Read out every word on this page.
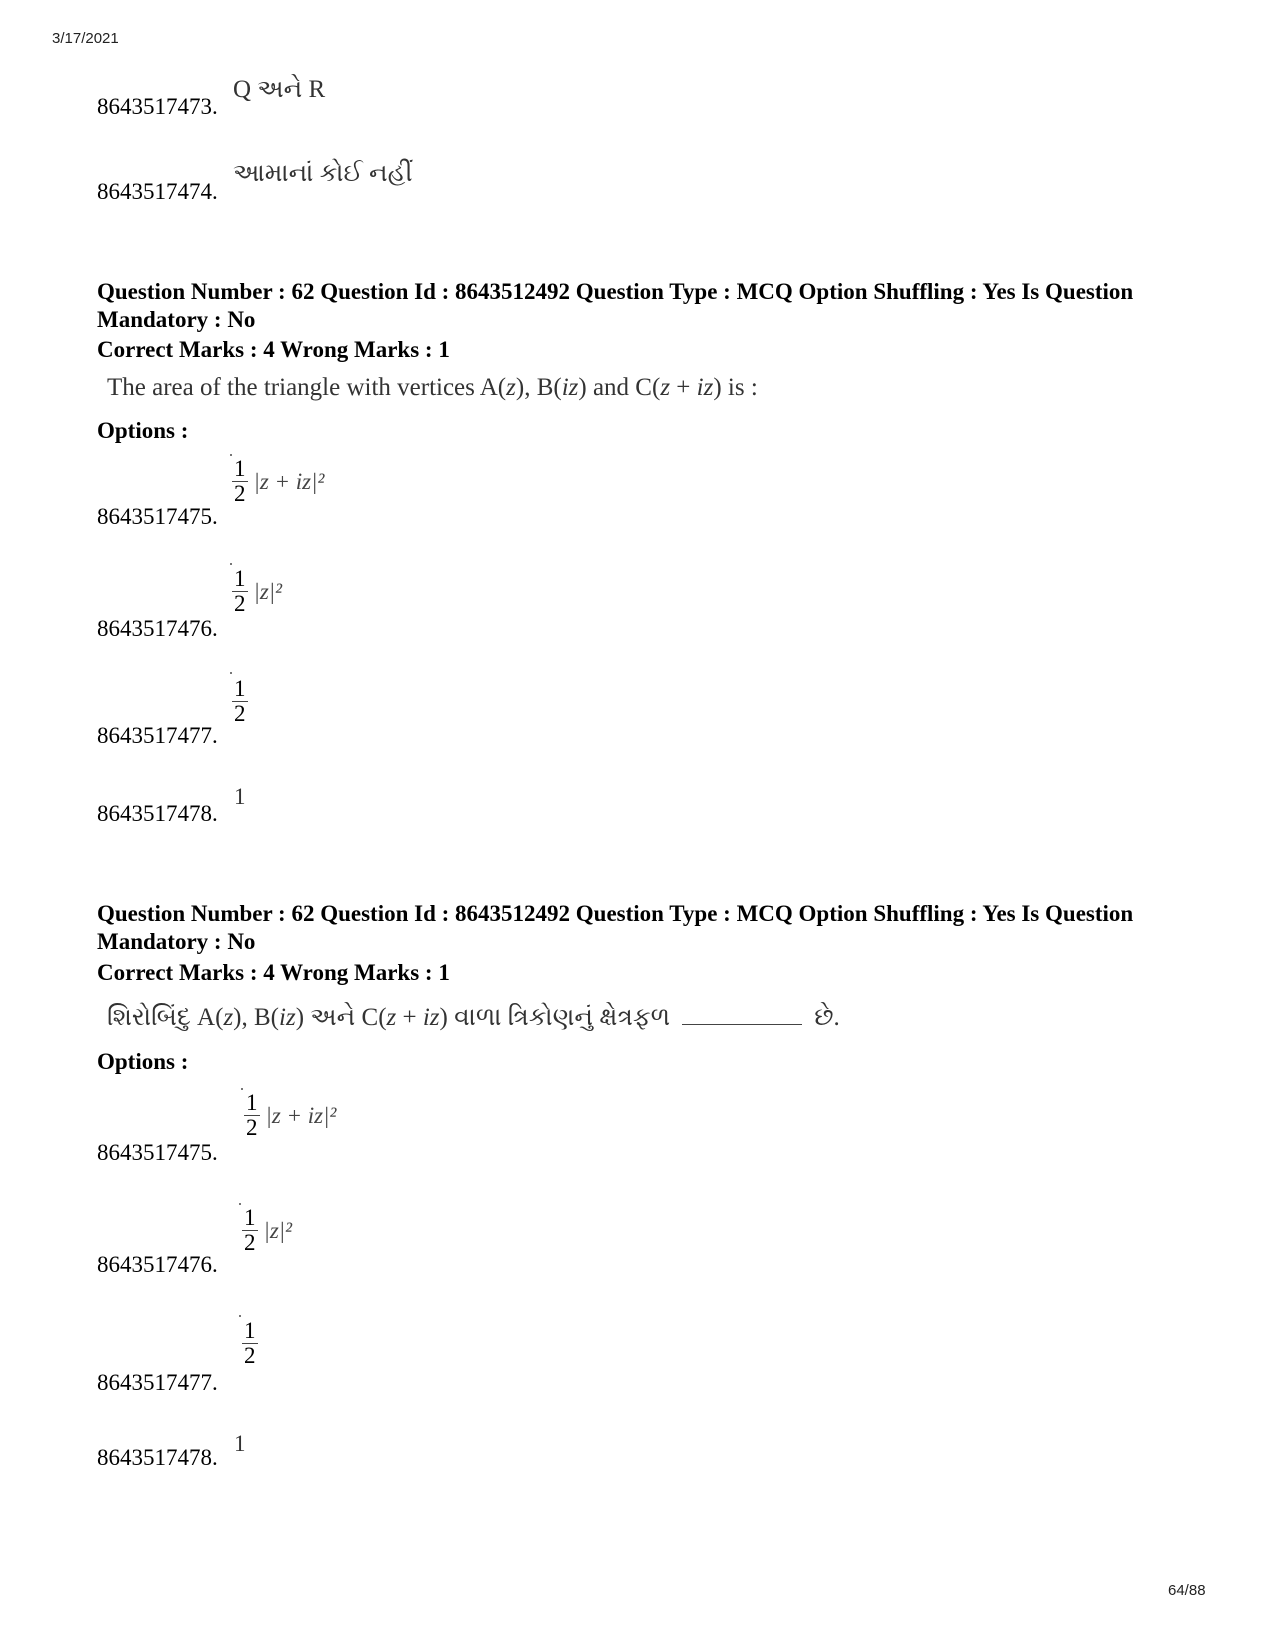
3/17/2021
8643517473.
Q અને R
8643517474.
આમાનાં કોઈ નહીં
Question Number : 62 Question Id : 8643512492 Question Type : MCQ Option Shuffling : Yes Is Question Mandatory : No
Correct Marks : 4 Wrong Marks : 1
The area of the triangle with vertices A(z), B(iz) and C(z + iz) is :
Options :
8643517475.
$\frac{1}{2} |z + iz|^2$
8643517476.
$\frac{1}{2} |z|^2$
8643517477.
$\frac{1}{2}$
8643517478.
1
Question Number : 62 Question Id : 8643512492 Question Type : MCQ Option Shuffling : Yes Is Question Mandatory : No
Correct Marks : 4 Wrong Marks : 1
શિરોબિંદુ A(z), B(iz) અને C(z + iz) વાળા ત્રિકોણનું ક્ષેત્રફળ	છે.
Options :
8643517475.
$\frac{1}{2} |z + iz|^2$
8643517476.
$\frac{1}{2} |z|^2$
8643517477.
$\frac{1}{2}$
8643517478.
1
64/88
